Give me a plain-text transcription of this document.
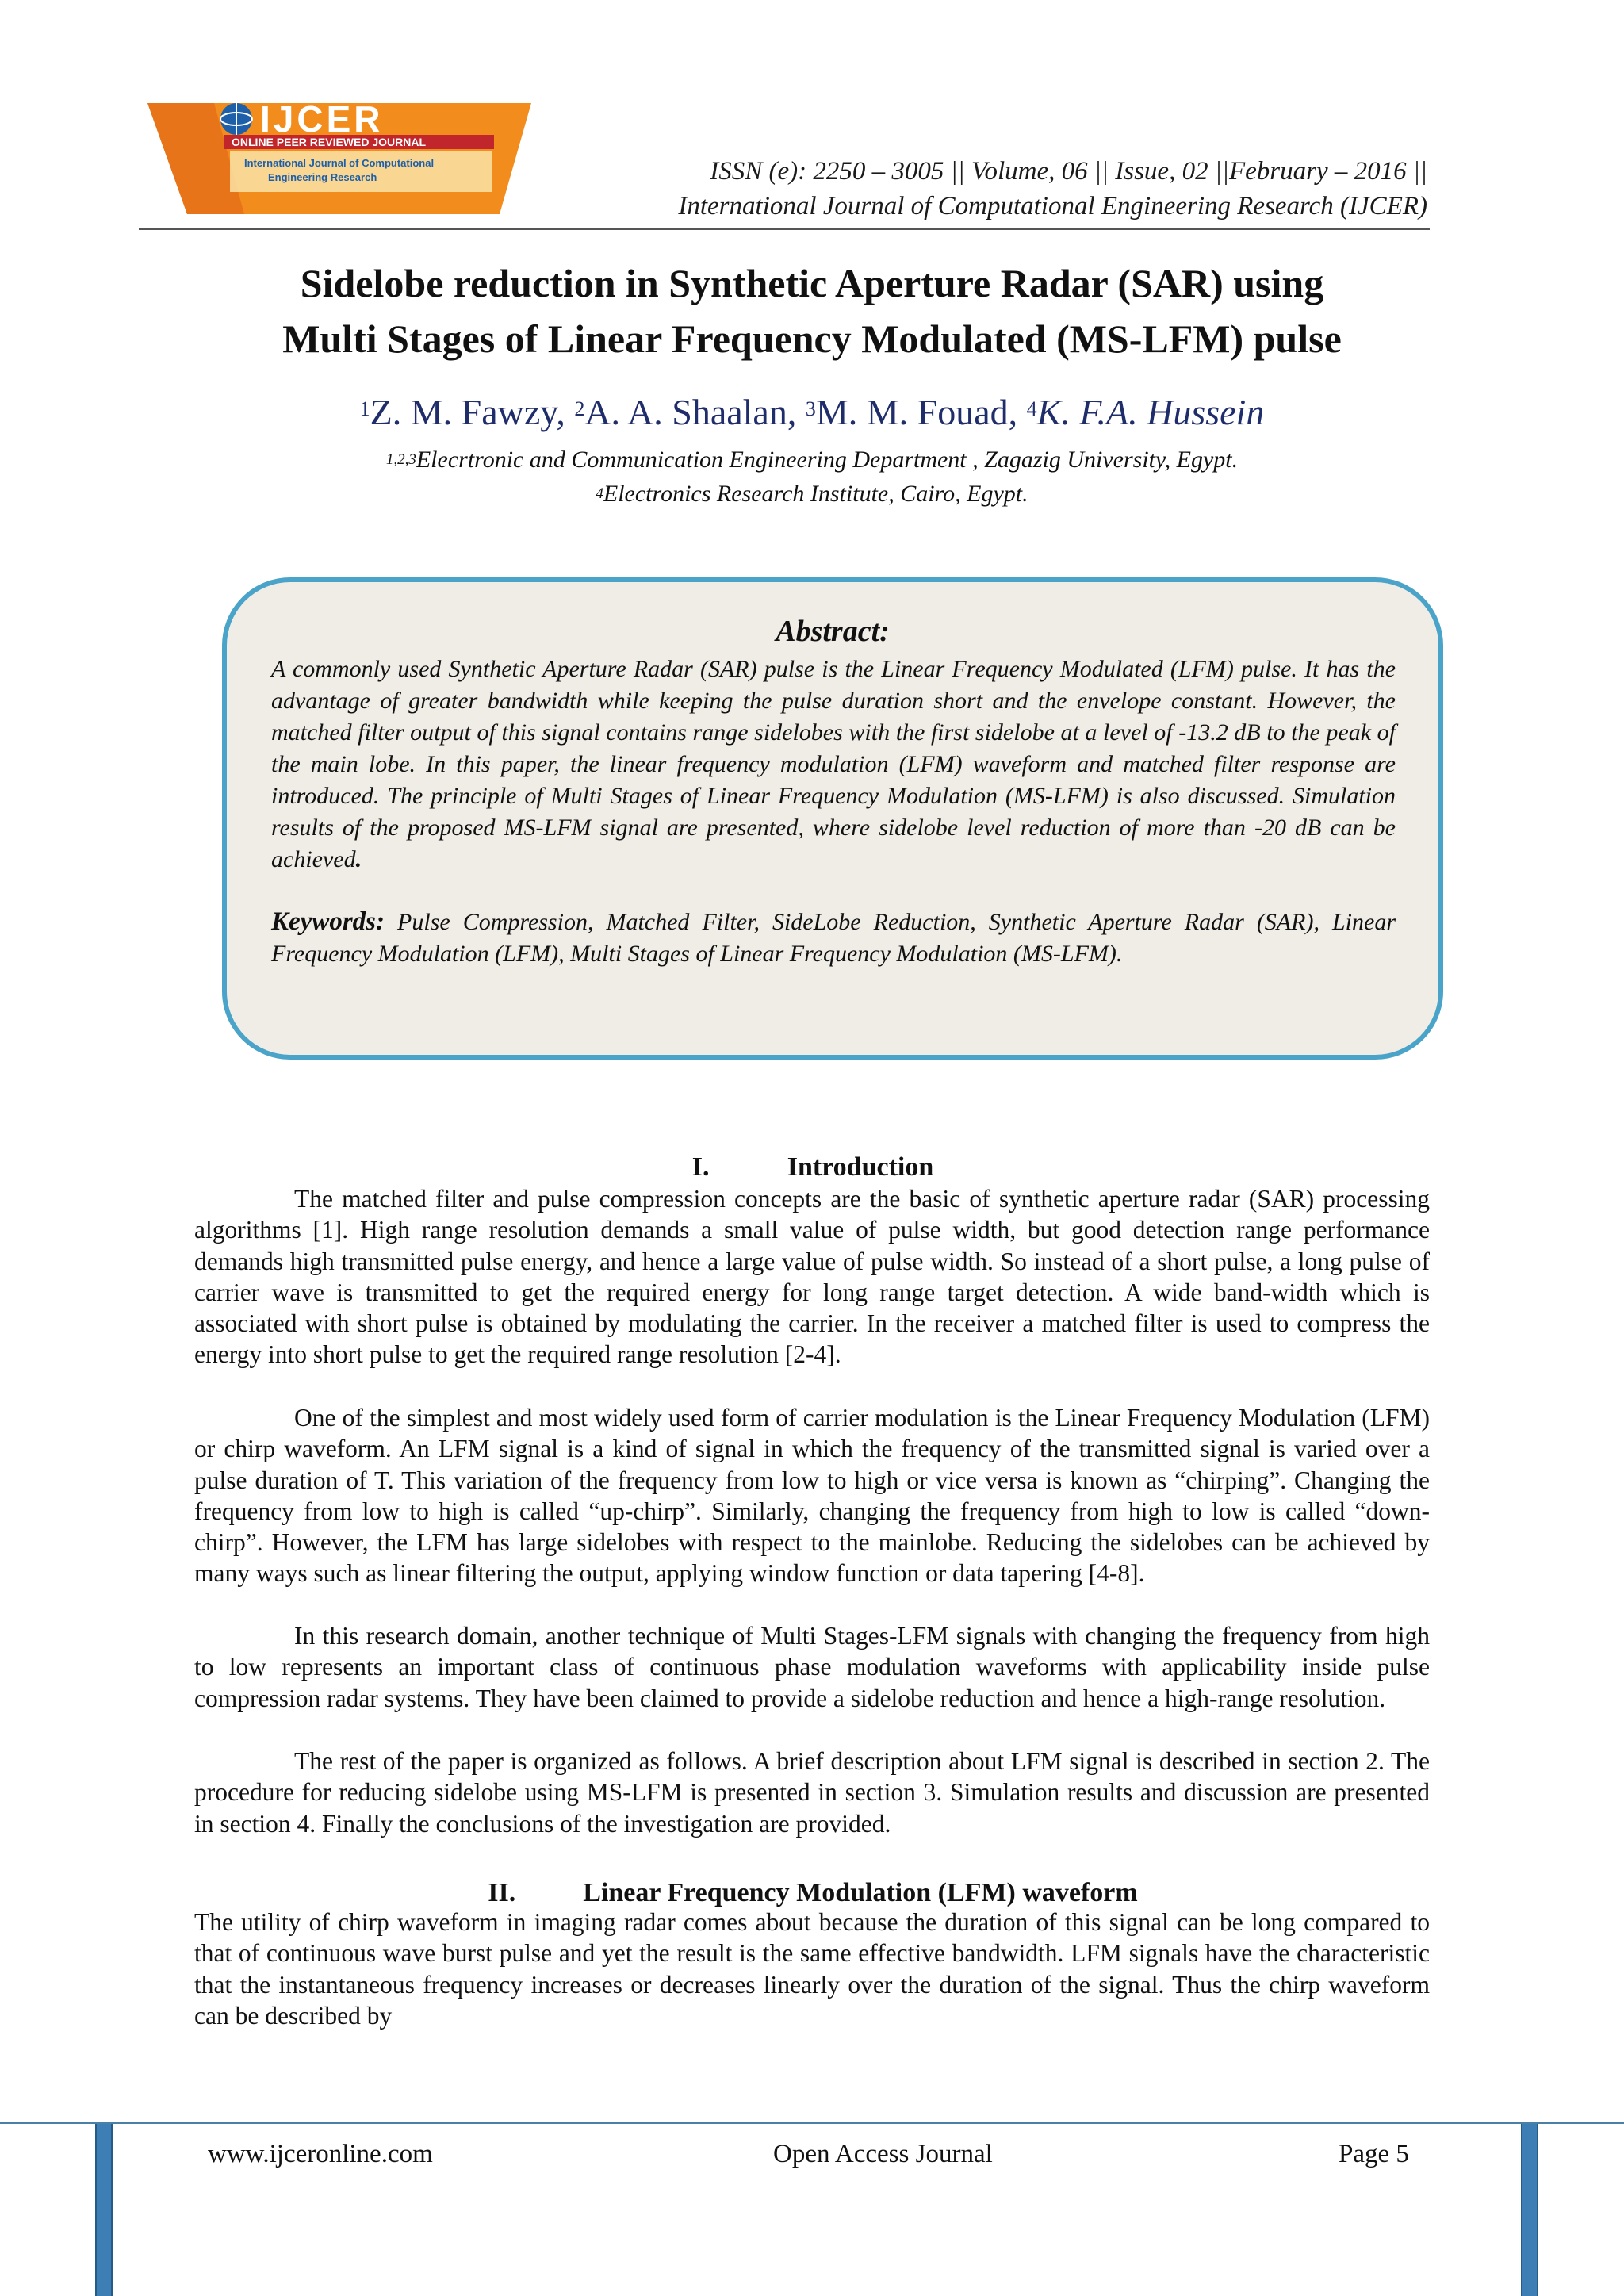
IJCER
ONLINE PEER REVIEWED JOURNAL
International Journal of Computational
Engineering Research	ISSN (e): 2250 – 3005 || Volume, 06 || Issue, 02 ||February – 2016 ||
International Journal of Computational Engineering Research (IJCER)
Sidelobe reduction in Synthetic Aperture Radar (SAR) using
Multi Stages of Linear Frequency Modulated (MS-LFM) pulse
$^1$Z. M. Fawzy, $^2$A. A. Shaalan, $^3$M. M. Fouad, $^4$K. F.A. Hussein
$^{1,2,3}$Elecrtronic and Communication Engineering Department , Zagazig University, Egypt.
$^4$Electronics Research Institute, Cairo, Egypt.
Abstract:
A commonly used Synthetic Aperture Radar (SAR) pulse is the Linear Frequency Modulated (LFM) pulse. It has the advantage of greater bandwidth while keeping the pulse duration short and the envelope constant. However, the matched filter output of this signal contains range sidelobes with the first sidelobe at a level of -13.2 dB to the peak of the main lobe. In this paper, the linear frequency modulation (LFM) waveform and matched filter response are introduced. The principle of Multi Stages of Linear Frequency Modulation (MS-LFM) is also discussed. Simulation results of the proposed MS-LFM signal are presented, where sidelobe level reduction of more than -20 dB can be achieved.
Keywords: Pulse Compression, Matched Filter, SideLobe Reduction, Synthetic Aperture Radar (SAR), Linear Frequency Modulation (LFM), Multi Stages of Linear Frequency Modulation (MS-LFM).
I.	Introduction
The matched filter and pulse compression concepts are the basic of synthetic aperture radar (SAR) processing algorithms [1]. High range resolution demands a small value of pulse width, but good detection range performance demands high transmitted pulse energy, and hence a large value of pulse width. So instead of a short pulse, a long pulse of carrier wave is transmitted to get the required energy for long range target detection. A wide band-width which is associated with short pulse is obtained by modulating the carrier. In the receiver a matched filter is used to compress the energy into short pulse to get the required range resolution [2-4].
One of the simplest and most widely used form of carrier modulation is the Linear Frequency Modulation (LFM) or chirp waveform. An LFM signal is a kind of signal in which the frequency of the transmitted signal is varied over a pulse duration of T. This variation of the frequency from low to high or vice versa is known as “chirping”. Changing the frequency from low to high is called “up-chirp”. Similarly, changing the frequency from high to low is called “down-chirp”. However, the LFM has large sidelobes with respect to the mainlobe. Reducing the sidelobes can be achieved by many ways such as linear filtering the output, applying window function or data tapering [4-8].
In this research domain, another technique of Multi Stages-LFM signals with changing the frequency from high to low represents an important class of continuous phase modulation waveforms with applicability inside pulse compression radar systems. They have been claimed to provide a sidelobe reduction and hence a high-range resolution.
The rest of the paper is organized as follows. A brief description about LFM signal is described in section 2. The procedure for reducing sidelobe using MS-LFM is presented in section 3. Simulation results and discussion are presented in section 4. Finally the conclusions of the investigation are provided.
II.	Linear Frequency Modulation (LFM) waveform
The utility of chirp waveform in imaging radar comes about because the duration of this signal can be long compared to that of continuous wave burst pulse and yet the result is the same effective bandwidth. LFM signals have the characteristic that the instantaneous frequency increases or decreases linearly over the duration of the signal. Thus the chirp waveform can be described by
www.ijceronline.com	Open Access Journal	Page 5
